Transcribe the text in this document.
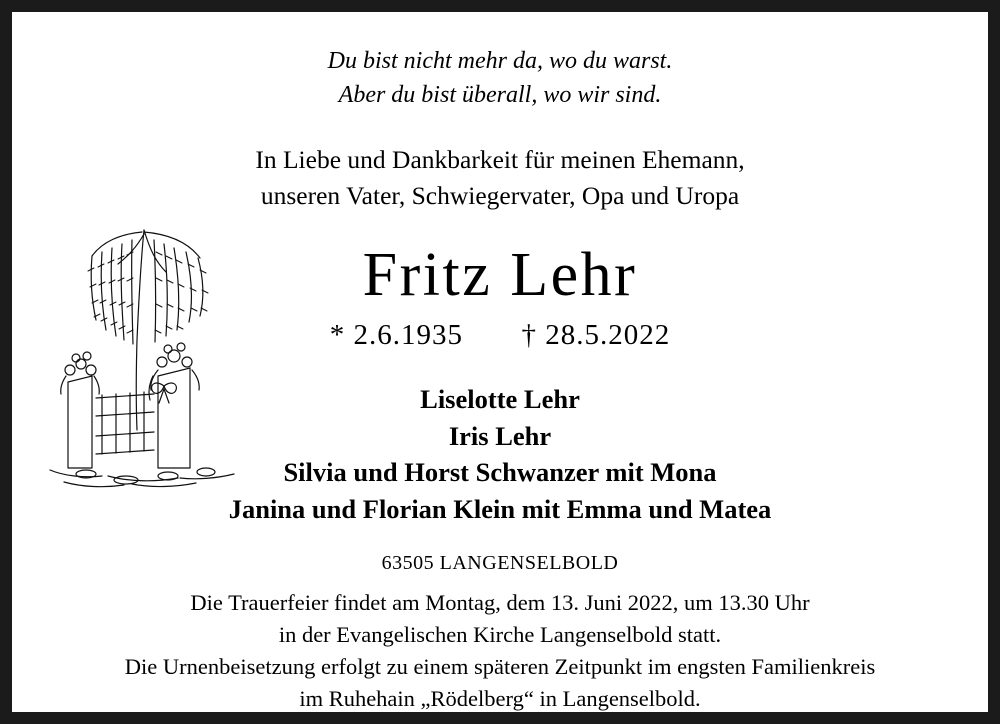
Du bist nicht mehr da, wo du warst.
Aber du bist überall, wo wir sind.
In Liebe und Dankbarkeit für meinen Ehemann,
unseren Vater, Schwiegervater, Opa und Uropa
Fritz Lehr
* 2.6.1935 † 28.5.2022
Liselotte Lehr
Iris Lehr
Silvia und Horst Schwanzer mit Mona
Janina und Florian Klein mit Emma und Matea
63505 LANGENSELBOLD
Die Trauerfeier findet am Montag, dem 13. Juni 2022, um 13.30 Uhr
in der Evangelischen Kirche Langenselbold statt.
Die Urnenbeisetzung erfolgt zu einem späteren Zeitpunkt im engsten Familienkreis
im Ruhehain „Rödelberg“ in Langenselbold.
